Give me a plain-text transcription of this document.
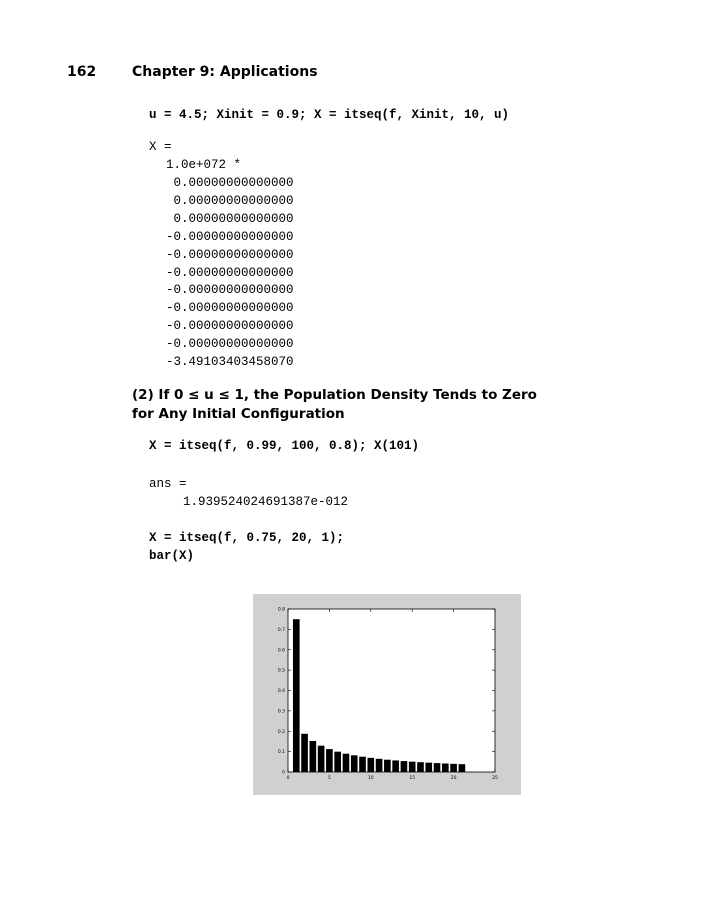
162	Chapter 9: Applications
u = 4.5; Xinit = 0.9; X = itseq(f, Xinit, 10, u)
X =
1.0e+072 *
0.00000000000000
0.00000000000000
0.00000000000000
-0.00000000000000
-0.00000000000000
-0.00000000000000
-0.00000000000000
-0.00000000000000
-0.00000000000000
-0.00000000000000
-3.49103403458070
(2) If 0 ≤ u ≤ 1, the Population Density Tends to Zero for Any Initial Configuration
X = itseq(f, 0.99, 100, 0.8); X(101)
ans =
1.939524024691387e-012
X = itseq(f, 0.75, 20, 1);
bar(X)
0
0.1
0.2
0.3
0.4
0.5
0.6
0.7
0.8
0	5	10	15	20	25
